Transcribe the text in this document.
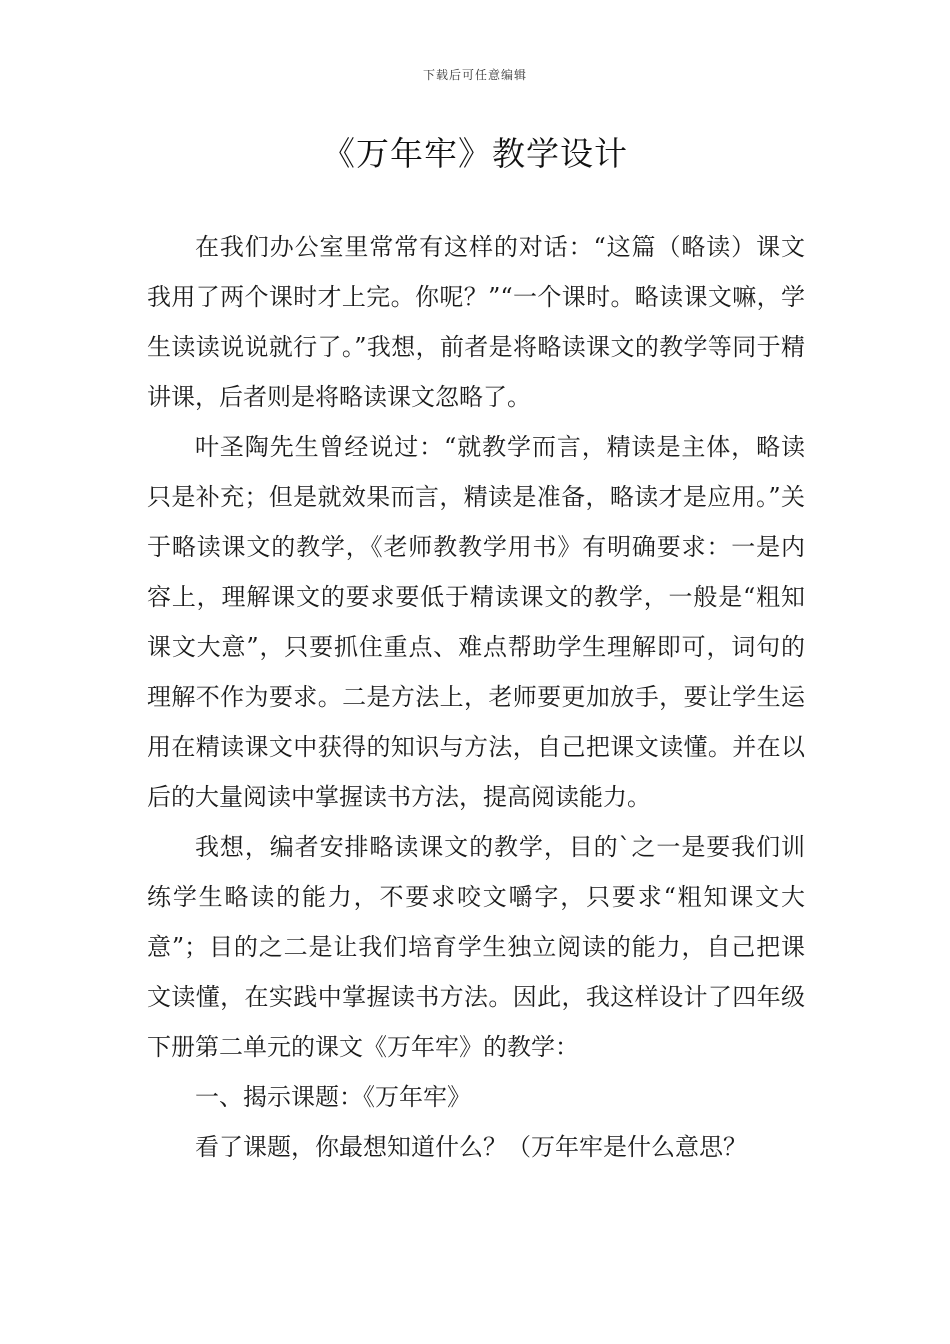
下载后可任意编辑
《万年牢》教学设计

在我们办公室里常常有这样的对话：“这篇（略读）课文我用了两个课时才上完。你呢？”“一个课时。略读课文嘛，学生读读说说就行了。”我想，前者是将略读课文的教学等同于精讲课，后者则是将略读课文忽略了。

叶圣陶先生曾经说过：“就教学而言，精读是主体，略读只是补充；但是就效果而言，精读是准备，略读才是应用。”关于略读课文的教学，《老师教教学用书》有明确要求：一是内容上，理解课文的要求要低于精读课文的教学，一般是“粗知课文大意”，只要抓住重点、难点帮助学生理解即可，词句的理解不作为要求。二是方法上，老师要更加放手，要让学生运用在精读课文中获得的知识与方法，自己把课文读懂。并在以后的大量阅读中掌握读书方法，提高阅读能力。

我想，编者安排略读课文的教学，目的`之一是要我们训练学生略读的能力，不要求咬文嚼字，只要求“粗知课文大意”；目的之二是让我们培育学生独立阅读的能力，自己把课文读懂，在实践中掌握读书方法。因此，我这样设计了四年级下册第二单元的课文《万年牢》的教学：

一、揭示课题：《万年牢》

看了课题，你最想知道什么？（万年牢是什么意思？
